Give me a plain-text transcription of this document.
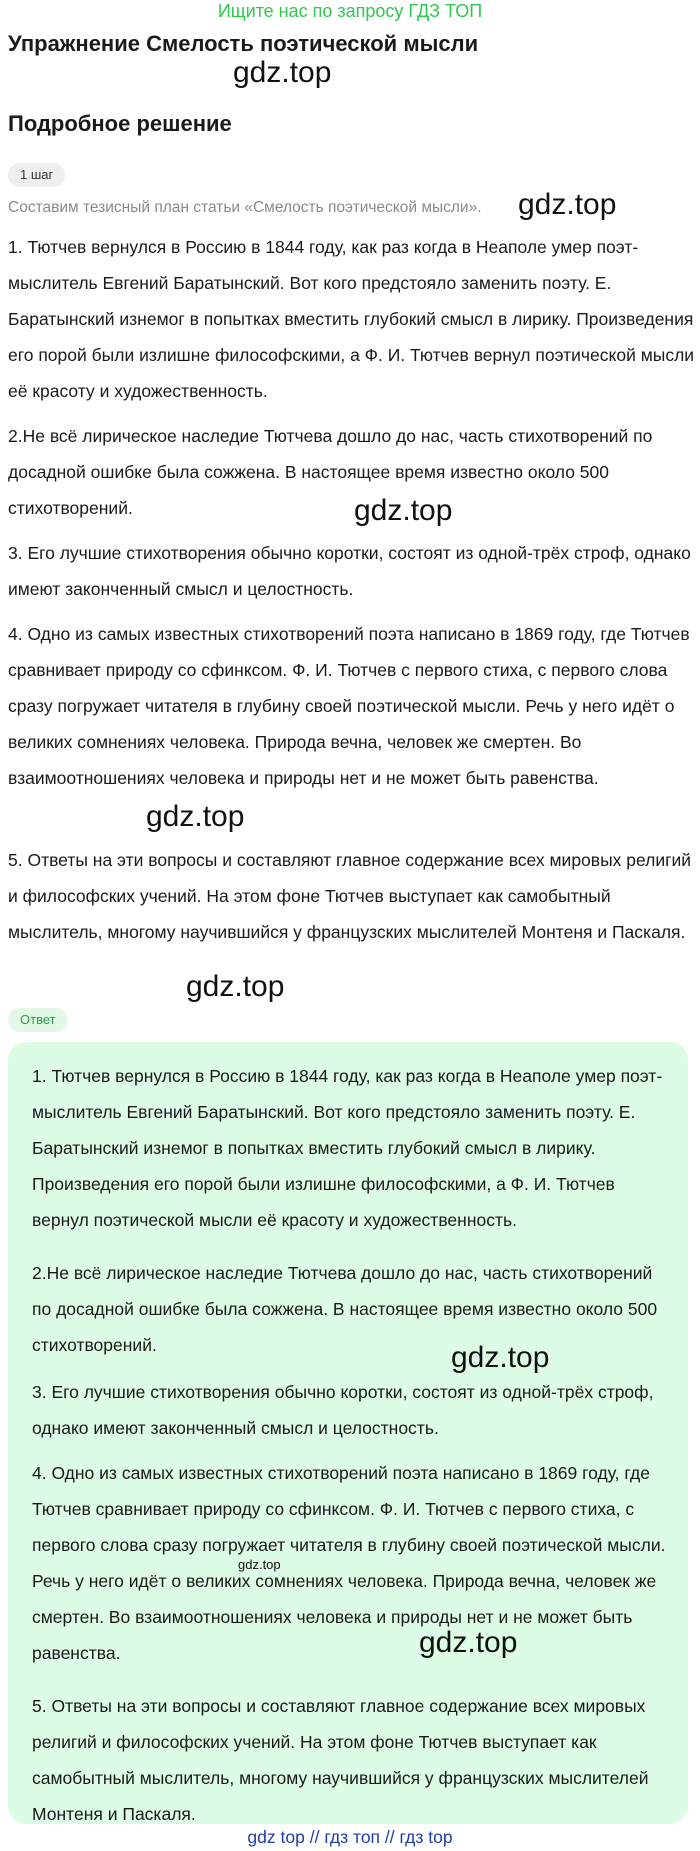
Ищите нас по запросу ГДЗ ТОП
Упражнение Смелость поэтической мысли
gdz.top
Подробное решение
1 шаг
Составим тезисный план статьи «Смелость поэтической мысли». gdz.top

1. Тютчев вернулся в Россию в 1844 году, как раз когда в Неаполе умер поэт-мыслитель Евгений Баратынский. Вот кого предстояло заменить поэту. Е. Баратынский изнемог в попытках вместить глубокий смысл в лирику. Произведения его порой были излишне философскими, а Ф. И. Тютчев вернул поэтической мысли её красоту и художественность.

2.Не всё лирическое наследие Тютчева дошло до нас, часть стихотворений по досадной ошибке была сожжена. В настоящее время известно около 500 стихотворений.

3. Его лучшие стихотворения обычно коротки, состоят из одной-трёх строф, однако имеют законченный смысл и целостность.

4. Одно из самых известных стихотворений поэта написано в 1869 году, где Тютчев сравнивает природу со сфинксом. Ф. И. Тютчев с первого стиха, с первого слова сразу погружает читателя в глубину своей поэтической мысли. Речь у него идёт о великих сомнениях человека. Природа вечна, человек же смертен. Во взаимоотношениях человека и природы нет и не может быть равенства.

5. Ответы на эти вопросы и составляют главное содержание всех мировых религий и философских учений. На этом фоне Тютчев выступает как самобытный мыслитель, многому научившийся у французских мыслителей Монтеня и Паскаля.

gdz.top
gdz.top
gdz.top
Ответ

1. Тютчев вернулся в Россию в 1844 году, как раз когда в Неаполе умер поэт-мыслитель Евгений Баратынский. Вот кого предстояло заменить поэту. Е. Баратынский изнемог в попытках вместить глубокий смысл в лирику. Произведения его порой были излишне философскими, а Ф. И. Тютчев вернул поэтической мысли её красоту и художественность.

2.Не всё лирическое наследие Тютчева дошло до нас, часть стихотворений по досадной ошибке была сожжена. В настоящее время известно около 500 стихотворений.

3. Его лучшие стихотворения обычно коротки, состоят из одной-трёх строф, однако имеют законченный смысл и целостность.

4. Одно из самых известных стихотворений поэта написано в 1869 году, где Тютчев сравнивает природу со сфинксом. Ф. И. Тютчев с первого стиха, с первого слова сразу погружает читателя в глубину своей поэтической мысли. Речь у него идёт о великих сомнениях человека. Природа вечна, человек же смертен. Во взаимоотношениях человека и природы нет и не может быть равенства.

5. Ответы на эти вопросы и составляют главное содержание всех мировых религий и философских учений. На этом фоне Тютчев выступает как самобытный мыслитель, многому научившийся у французских мыслителей Монтеня и Паскаля.

gdz.top
gdz.top
gdz.top
gdz top // гдз топ // гдз top
